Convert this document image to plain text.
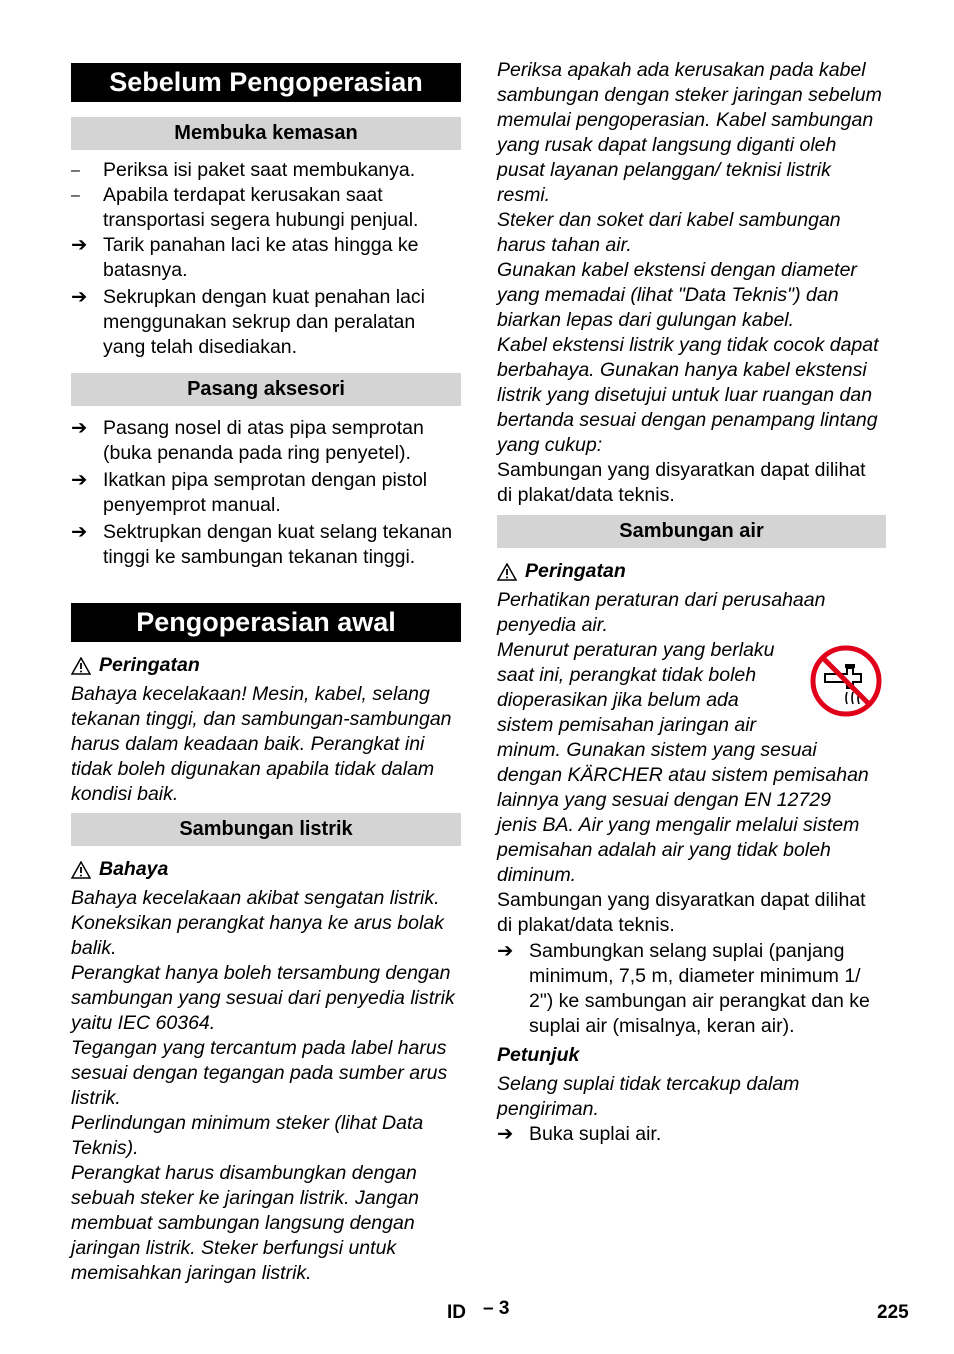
Sebelum Pengoperasian
Membuka kemasan
–	Periksa isi paket saat membukanya.
–	Apabila terdapat kerusakan saat transportasi segera hubungi penjual.
➔ Tarik panahan laci ke atas hingga ke batasnya.
➔ Sekrupkan dengan kuat penahan laci menggunakan sekrup dan peralatan yang telah disediakan.
Pasang aksesori
➔ Pasang nosel di atas pipa semprotan (buka penanda pada ring penyetel).
➔ Ikatkan pipa semprotan dengan pistol penyemprot manual.
➔ Sektrupkan dengan kuat selang tekanan tinggi ke sambungan tekanan tinggi.
Pengoperasian awal
Peringatan
Bahaya kecelakaan! Mesin, kabel, selang tekanan tinggi, dan sambungan-sambungan harus dalam keadaan baik. Perangkat ini tidak boleh digunakan apabila tidak dalam kondisi baik.
Sambungan listrik
Bahaya
Bahaya kecelakaan akibat sengatan listrik. Koneksikan perangkat hanya ke arus bolak balik.
Perangkat hanya boleh tersambung dengan sambungan yang sesuai dari penyedia listrik yaitu IEC 60364.
Tegangan yang tercantum pada label harus sesuai dengan tegangan pada sumber arus listrik.
Perlindungan minimum steker (lihat Data Teknis).
Perangkat harus disambungkan dengan sebuah steker ke jaringan listrik. Jangan membuat sambungan langsung dengan jaringan listrik. Steker berfungsi untuk memisahkan jaringan listrik.
Periksa apakah ada kerusakan pada kabel sambungan dengan steker jaringan sebelum memulai pengoperasian. Kabel sambungan yang rusak dapat langsung diganti oleh pusat layanan pelanggan/ teknisi listrik resmi.
Steker dan soket dari kabel sambungan harus tahan air.
Gunakan kabel ekstensi dengan diameter yang memadai (lihat "Data Teknis") dan biarkan lepas dari gulungan kabel.
Kabel ekstensi listrik yang tidak cocok dapat berbahaya. Gunakan hanya kabel ekstensi listrik yang disetujui untuk luar ruangan dan bertanda sesuai dengan penampang lintang yang cukup:
Sambungan yang disyaratkan dapat dilihat di plakat/data teknis.
Sambungan air
Peringatan
Perhatikan peraturan dari perusahaan penyedia air.
Menurut peraturan yang berlaku
saat ini, perangkat tidak boleh
dioperasikan jika belum ada
sistem pemisahan jaringan air
minum. Gunakan sistem yang sesuai
dengan KÄRCHER atau sistem pemisahan
lainnya yang sesuai dengan EN 12729
jenis BA. Air yang mengalir melalui sistem
pemisahan adalah air yang tidak boleh
diminum.
Sambungan yang disyaratkan dapat dilihat di plakat/data teknis.
➔ Sambungkan selang suplai (panjang minimum, 7,5 m, diameter minimum 1/ 2") ke sambungan air perangkat dan ke suplai air (misalnya, keran air).
Petunjuk
Selang suplai tidak tercakup dalam pengiriman.
➔ Buka suplai air.
ID – 3	225
